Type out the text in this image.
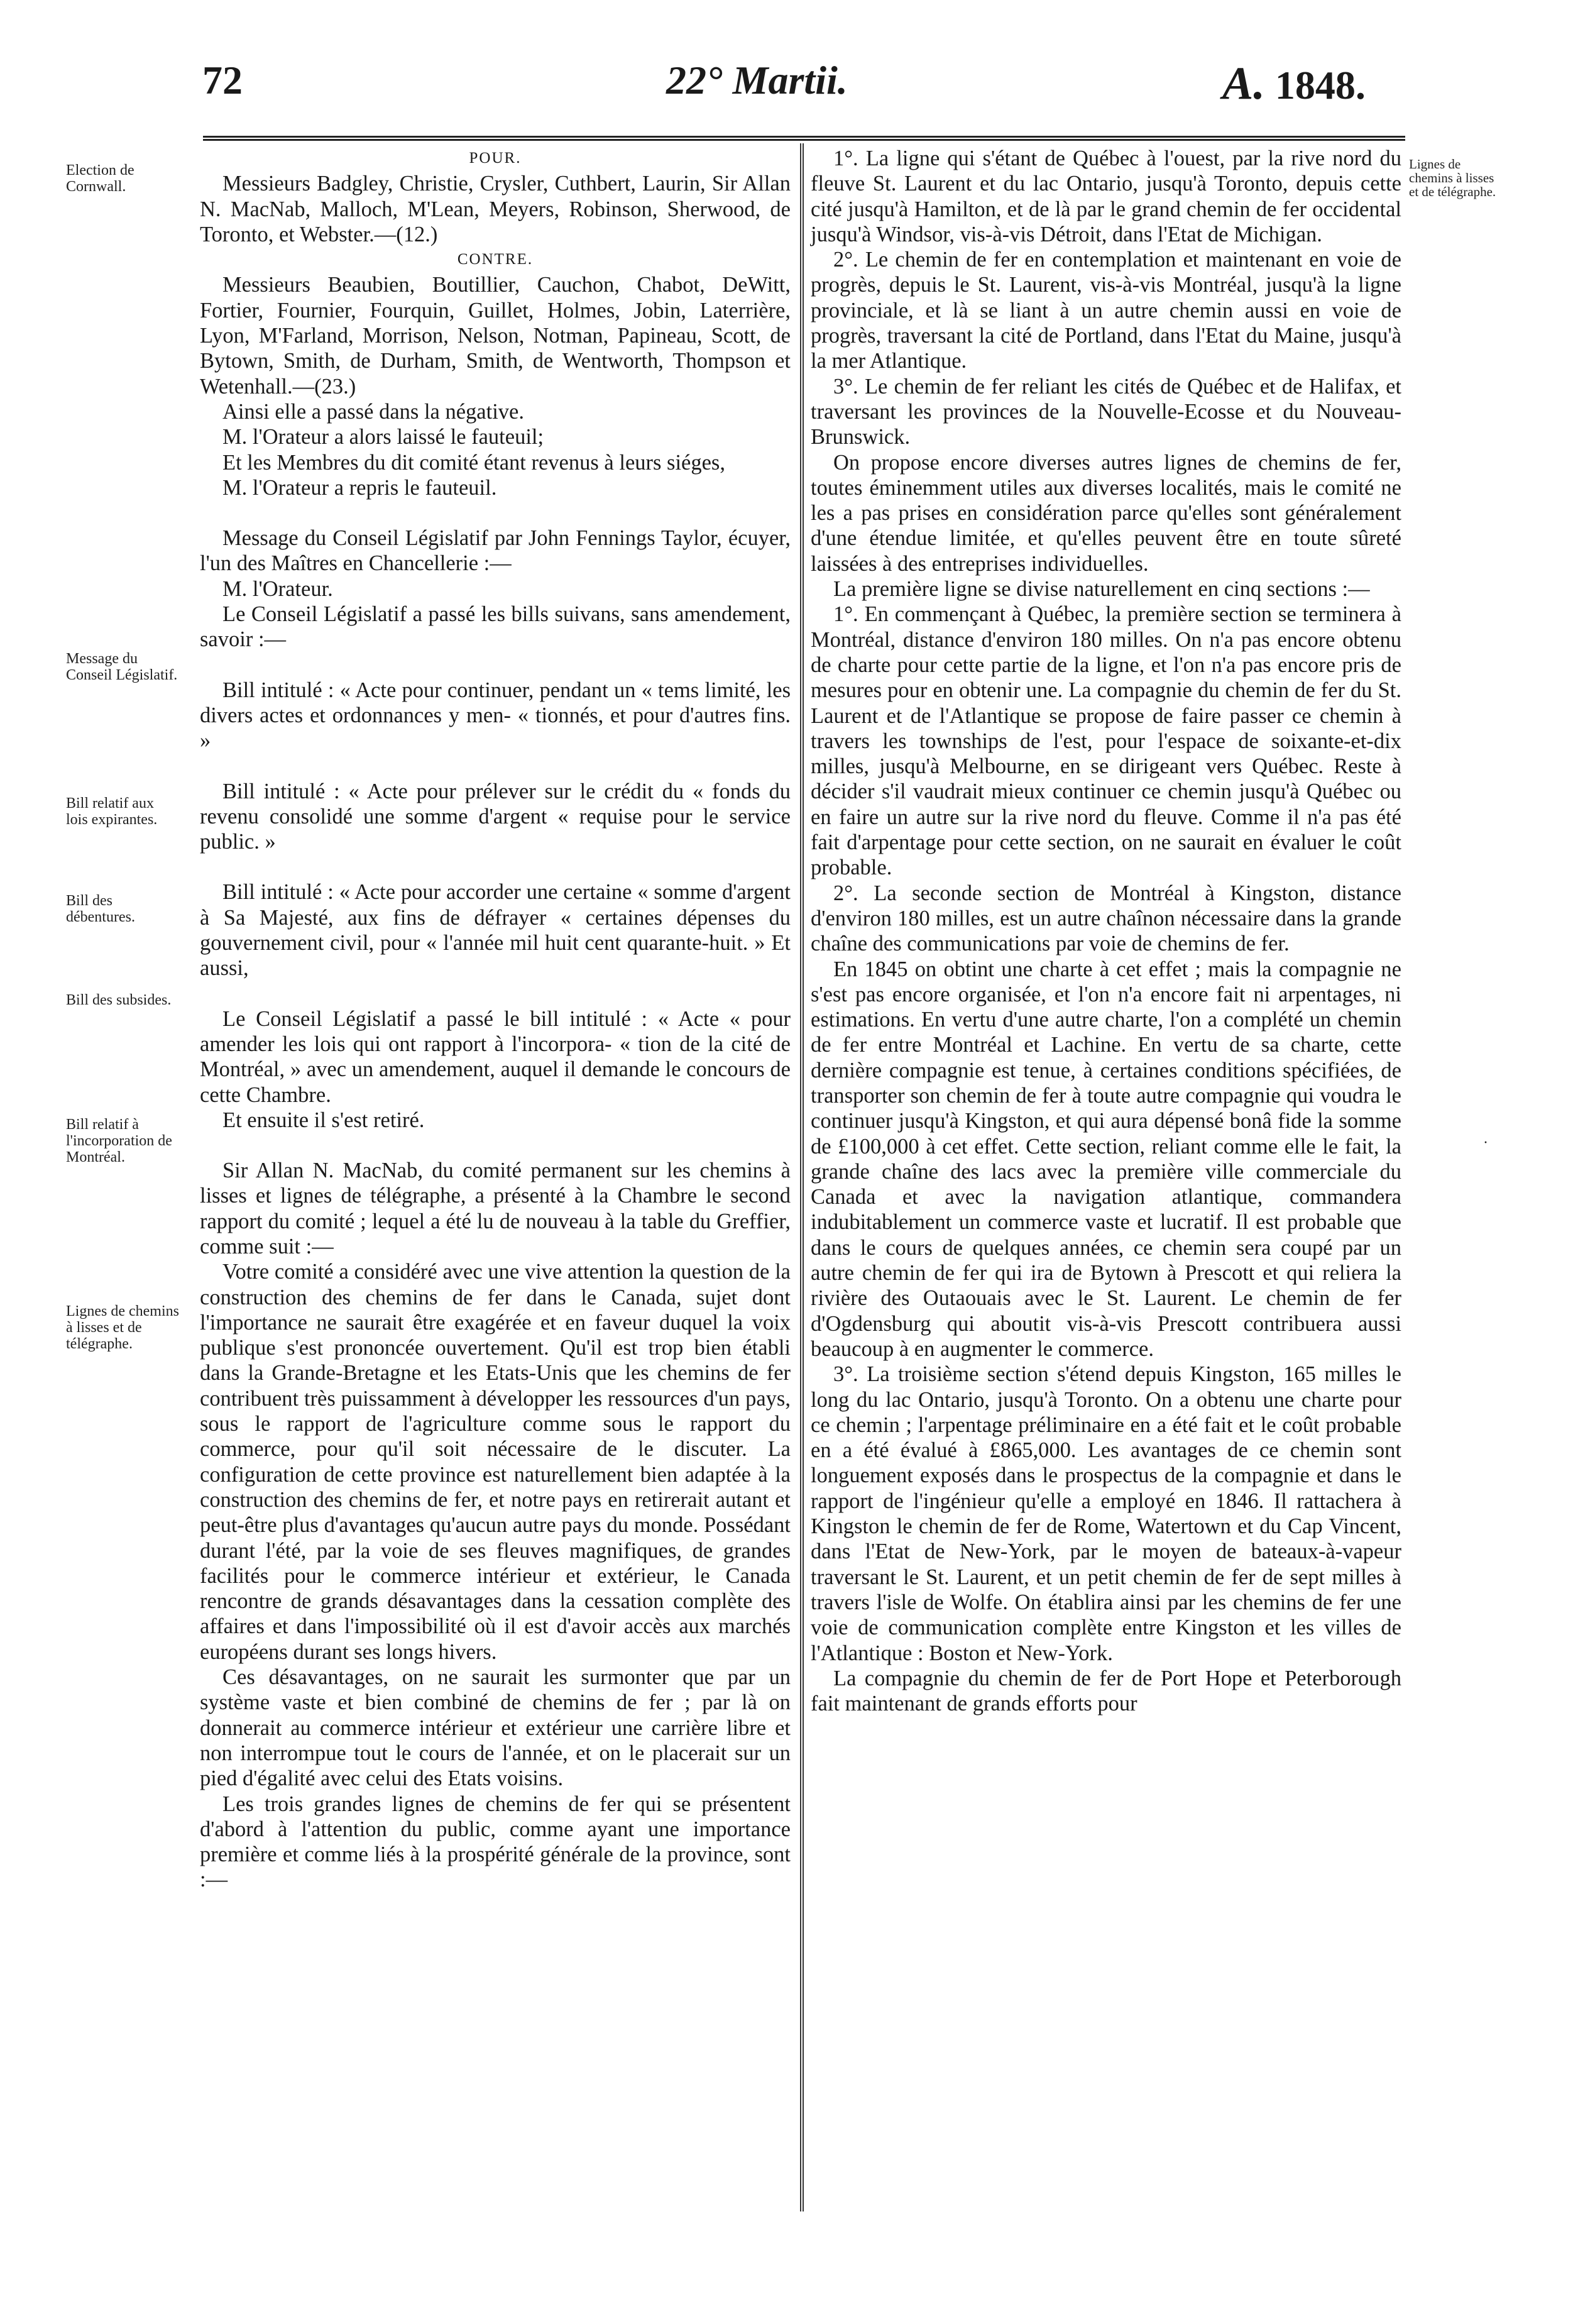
72	22° Martii.	A. 1848.
Election de Cornwall.
Message du Conseil Législatif.
Bill relatif aux lois expirantes.
Bill des débentures.
Bill des subsides.
Bill relatif à l'incorporation de Montréal.
Lignes de chemins à lisses et de télégraphe.
Lignes de chemins à lisses et de télégraphe.
·

POUR.

Messieurs Badgley, Christie, Crysler, Cuthbert, Laurin, Sir Allan N. MacNab, Malloch, M'Lean, Meyers, Robinson, Sherwood, de Toronto, et Webster.—(12.)

CONTRE.

Messieurs Beaubien, Boutillier, Cauchon, Chabot, DeWitt, Fortier, Fournier, Fourquin, Guillet, Holmes, Jobin, Laterrière, Lyon, M'Farland, Morrison, Nelson, Notman, Papineau, Scott, de Bytown, Smith, de Durham, Smith, de Wentworth, Thompson et Wetenhall.—(23.)

Ainsi elle a passé dans la négative.

M. l'Orateur a alors laissé le fauteuil;

Et les Membres du dit comité étant revenus à leurs siéges,

M. l'Orateur a repris le fauteuil.

Message du Conseil Législatif par John Fennings Taylor, écuyer, l'un des Maîtres en Chancellerie :—

M. l'Orateur.

Le Conseil Législatif a passé les bills suivans, sans amendement, savoir :—

Bill intitulé : « Acte pour continuer, pendant un « tems limité, les divers actes et ordonnances y men- « tionnés, et pour d'autres fins. »

Bill intitulé : « Acte pour prélever sur le crédit du « fonds du revenu consolidé une somme d'argent « requise pour le service public. »

Bill intitulé : « Acte pour accorder une certaine « somme d'argent à Sa Majesté, aux fins de défrayer « certaines dépenses du gouvernement civil, pour « l'année mil huit cent quarante-huit. » Et aussi,

Le Conseil Législatif a passé le bill intitulé : « Acte « pour amender les lois qui ont rapport à l'incorpora- « tion de la cité de Montréal, » avec un amendement, auquel il demande le concours de cette Chambre.

Et ensuite il s'est retiré.

Sir Allan N. MacNab, du comité permanent sur les chemins à lisses et lignes de télégraphe, a présenté à la Chambre le second rapport du comité ; lequel a été lu de nouveau à la table du Greffier, comme suit :—

Votre comité a considéré avec une vive attention la question de la construction des chemins de fer dans le Canada, sujet dont l'importance ne saurait être exagérée et en faveur duquel la voix publique s'est prononcée ouvertement. Qu'il est trop bien établi dans la Grande-Bretagne et les Etats-Unis que les chemins de fer contribuent très puissamment à développer les ressources d'un pays, sous le rapport de l'agriculture comme sous le rapport du commerce, pour qu'il soit nécessaire de le discuter. La configuration de cette province est naturellement bien adaptée à la construction des chemins de fer, et notre pays en retirerait autant et peut-être plus d'avantages qu'aucun autre pays du monde. Possédant durant l'été, par la voie de ses fleuves magnifiques, de grandes facilités pour le commerce intérieur et extérieur, le Canada rencontre de grands désavantages dans la cessation complète des affaires et dans l'impossibilité où il est d'avoir accès aux marchés européens durant ses longs hivers.

Ces désavantages, on ne saurait les surmonter que par un système vaste et bien combiné de chemins de fer ; par là on donnerait au commerce intérieur et extérieur une carrière libre et non interrompue tout le cours de l'année, et on le placerait sur un pied d'égalité avec celui des Etats voisins.

Les trois grandes lignes de chemins de fer qui se présentent d'abord à l'attention du public, comme ayant une importance première et comme liés à la prospérité générale de la province, sont :—

1°. La ligne qui s'étant de Québec à l'ouest, par la rive nord du fleuve St. Laurent et du lac Ontario, jusqu'à Toronto, depuis cette cité jusqu'à Hamilton, et de là par le grand chemin de fer occidental jusqu'à Windsor, vis-à-vis Détroit, dans l'Etat de Michigan.

2°. Le chemin de fer en contemplation et maintenant en voie de progrès, depuis le St. Laurent, vis-à-vis Montréal, jusqu'à la ligne provinciale, et là se liant à un autre chemin aussi en voie de progrès, traversant la cité de Portland, dans l'Etat du Maine, jusqu'à la mer Atlantique.

3°. Le chemin de fer reliant les cités de Québec et de Halifax, et traversant les provinces de la Nouvelle-Ecosse et du Nouveau-Brunswick.

On propose encore diverses autres lignes de chemins de fer, toutes éminemment utiles aux diverses localités, mais le comité ne les a pas prises en considération parce qu'elles sont généralement d'une étendue limitée, et qu'elles peuvent être en toute sûreté laissées à des entreprises individuelles.

La première ligne se divise naturellement en cinq sections :—

1°. En commençant à Québec, la première section se terminera à Montréal, distance d'environ 180 milles. On n'a pas encore obtenu de charte pour cette partie de la ligne, et l'on n'a pas encore pris de mesures pour en obtenir une. La compagnie du chemin de fer du St. Laurent et de l'Atlantique se propose de faire passer ce chemin à travers les townships de l'est, pour l'espace de soixante-et-dix milles, jusqu'à Melbourne, en se dirigeant vers Québec. Reste à décider s'il vaudrait mieux continuer ce chemin jusqu'à Québec ou en faire un autre sur la rive nord du fleuve. Comme il n'a pas été fait d'arpentage pour cette section, on ne saurait en évaluer le coût probable.

2°. La seconde section de Montréal à Kingston, distance d'environ 180 milles, est un autre chaînon nécessaire dans la grande chaîne des communications par voie de chemins de fer.

En 1845 on obtint une charte à cet effet ; mais la compagnie ne s'est pas encore organisée, et l'on n'a encore fait ni arpentages, ni estimations. En vertu d'une autre charte, l'on a complété un chemin de fer entre Montréal et Lachine. En vertu de sa charte, cette dernière compagnie est tenue, à certaines conditions spécifiées, de transporter son chemin de fer à toute autre compagnie qui voudra le continuer jusqu'à Kingston, et qui aura dépensé bonâ fide la somme de £100,000 à cet effet. Cette section, reliant comme elle le fait, la grande chaîne des lacs avec la première ville commerciale du Canada et avec la navigation atlantique, commandera indubitablement un commerce vaste et lucratif. Il est probable que dans le cours de quelques années, ce chemin sera coupé par un autre chemin de fer qui ira de Bytown à Prescott et qui reliera la rivière des Outaouais avec le St. Laurent. Le chemin de fer d'Ogdensburg qui aboutit vis-à-vis Prescott contribuera aussi beaucoup à en augmenter le commerce.

3°. La troisième section s'étend depuis Kingston, 165 milles le long du lac Ontario, jusqu'à Toronto. On a obtenu une charte pour ce chemin ; l'arpentage préliminaire en a été fait et le coût probable en a été évalué à £865,000. Les avantages de ce chemin sont longuement exposés dans le prospectus de la compagnie et dans le rapport de l'ingénieur qu'elle a employé en 1846. Il rattachera à Kingston le chemin de fer de Rome, Watertown et du Cap Vincent, dans l'Etat de New-York, par le moyen de bateaux-à-vapeur traversant le St. Laurent, et un petit chemin de fer de sept milles à travers l'isle de Wolfe. On établira ainsi par les chemins de fer une voie de communication complète entre Kingston et les villes de l'Atlantique : Boston et New-York.

La compagnie du chemin de fer de Port Hope et Peterborough fait maintenant de grands efforts pour
